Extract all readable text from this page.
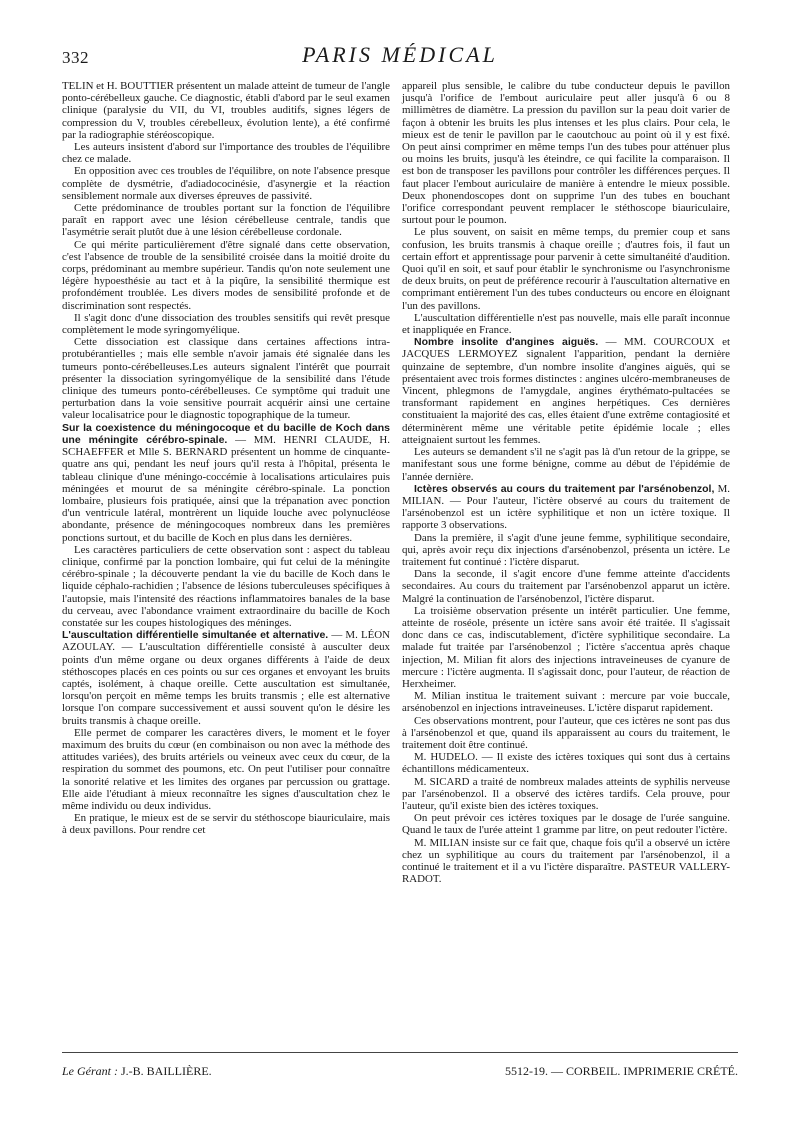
332	PARIS MÉDICAL

TELIN et H. BOUTTIER présentent un malade atteint de tumeur de l'angle ponto-cérébelleux gauche. Ce diagnostic, établi d'abord par le seul examen clinique (paralysie du VII, du VI, troubles auditifs, signes légers de compression du V, troubles cérebelleux, évolution lente), a été confirmé par la radiographie stéréoscopique.

Les auteurs insistent d'abord sur l'importance des troubles de l'équilibre chez ce malade.

En opposition avec ces troubles de l'équilibre, on note l'absence presque complète de dysmétrie, d'adiadococinésie, d'asynergie et la réaction sensiblement normale aux diverses épreuves de passivité.

Cette prédominance de troubles portant sur la fonction de l'équilibre paraît en rapport avec une lésion cérébelleuse centrale, tandis que l'asymétrie serait plutôt due à une lésion cérébelleuse cordonale.

Ce qui mérite particulièrement d'être signalé dans cette observation, c'est l'absence de trouble de la sensibilité croisée dans la moitié droite du corps, prédominant au membre supérieur. Tandis qu'on note seulement une légère hypoesthésie au tact et à la piqûre, la sensibilité thermique est profondément troublée. Les divers modes de sensibilité profonde et de discrimination sont respectés.

Il s'agit donc d'une dissociation des troubles sensitifs qui revêt presque complètement le mode syringomyélique.

Cette dissociation est classique dans certaines affections intra-protubérantielles ; mais elle semble n'avoir jamais été signalée dans les tumeurs ponto-cérébelleuses.Les auteurs signalent l'intérêt que pourrait présenter la dissociation syringomyélique de la sensibilité dans l'étude clinique des tumeurs ponto-cérébelleuses. Ce symptôme qui traduit une perturbation dans la voie sensitive pourrait acquérir ainsi une certaine valeur localisatrice pour le diagnostic topographique de la tumeur.

Sur la coexistence du méningocoque et du bacille de Koch dans une méningite cérébro-spinale. — MM. HENRI CLAUDE, H. SCHAEFFER et Mlle S. BERNARD présentent un homme de cinquante-quatre ans qui, pendant les neuf jours qu'il resta à l'hôpital, présenta le tableau clinique d'une méningo-coccémie à localisations articulaires puis méningées et mourut de sa méningite cérébro-spinale. La ponction lombaire, plusieurs fois pratiquée, ainsi que la trépanation avec ponction d'un ventricule latéral, montrèrent un liquide louche avec polynucléose abondante, présence de méningocoques nombreux dans les premières ponctions surtout, et du bacille de Koch en plus dans les dernières.

Les caractères particuliers de cette observation sont : aspect du tableau clinique, confirmé par la ponction lombaire, qui fut celui de la méningite cérébro-spinale ; la découverte pendant la vie du bacille de Koch dans le liquide céphalo-rachidien ; l'absence de lésions tuberculeuses spécifiques à l'autopsie, mais l'intensité des réactions inflammatoires banales de la base du cerveau, avec l'abondance vraiment extraordinaire du bacille de Koch constatée sur les coupes histologiques des méninges.

L'auscultation différentielle simultanée et alternative. — M. LÉON AZOULAY. — L'auscultation différentielle consisté à ausculter deux points d'un même organe ou deux organes différents à l'aide de deux stéthoscopes placés en ces points ou sur ces organes et envoyant les bruits captés, isolément, à chaque oreille. Cette auscultation est simultanée, lorsqu'on perçoit en même temps les bruits transmis ; elle est alternative lorsque l'on compare successivement et aussi souvent qu'on le désire les bruits transmis à chaque oreille.

Elle permet de comparer les caractères divers, le moment et le foyer maximum des bruits du cœur (en combinaison ou non avec la méthode des attitudes variées), des bruits artériels ou veineux avec ceux du cœur, de la respiration du sommet des poumons, etc. On peut l'utiliser pour connaître la sonorité relative et les limites des organes par percussion ou grattage. Elle aide l'étudiant à mieux reconnaître les signes d'auscultation chez le même individu ou deux individus.

En pratique, le mieux est de se servir du stéthoscope biauriculaire, mais à deux pavillons. Pour rendre cet

appareil plus sensible, le calibre du tube conducteur depuis le pavillon jusqu'à l'orifice de l'embout auriculaire peut aller jusqu'à 6 ou 8 millimètres de diamètre. La pression du pavillon sur la peau doit varier de façon à obtenir les bruits les plus intenses et les plus clairs. Pour cela, le mieux est de tenir le pavillon par le caoutchouc au point où il y est fixé. On peut ainsi comprimer en même temps l'un des tubes pour atténuer plus ou moins les bruits, jusqu'à les éteindre, ce qui facilite la comparaison. Il est bon de transposer les pavillons pour contrôler les différences perçues. Il faut placer l'embout auriculaire de manière à entendre le mieux possible. Deux phonendoscopes dont on supprime l'un des tubes en bouchant l'orifice correspondant peuvent remplacer le stéthoscope biauriculaire, surtout pour le poumon.

Le plus souvent, on saisit en même temps, du premier coup et sans confusion, les bruits transmis à chaque oreille ; d'autres fois, il faut un certain effort et apprentissage pour parvenir à cette simultanéité d'audition. Quoi qu'il en soit, et sauf pour établir le synchronisme ou l'asynchronisme de deux bruits, on peut de préférence recourir à l'auscultation alternative en comprimant entièrement l'un des tubes conducteurs ou encore en éloignant l'un des pavillons.

L'auscultation différentielle n'est pas nouvelle, mais elle paraît inconnue et inappliquée en France.

Nombre insolite d'angines aiguës. — MM. COURCOUX et JACQUES LERMOYEZ signalent l'apparition, pendant la dernière quinzaine de septembre, d'un nombre insolite d'angines aiguës, qui se présentaient avec trois formes distinctes : angines ulcéro-membraneuses de Vincent, phlegmons de l'amygdale, angines érythémato-pultacées se transformant rapidement en angines herpétiques. Ces dernières constituaient la majorité des cas, elles étaient d'une extrême contagiosité et déterminèrent même une véritable petite épidémie locale ; elles atteignaient surtout les femmes.

Les auteurs se demandent s'il ne s'agit pas là d'un retour de la grippe, se manifestant sous une forme bénigne, comme au début de l'épidémie de l'année dernière.

Ictères observés au cours du traitement par l'arsénobenzol, M. MILIAN. — Pour l'auteur, l'ictère observé au cours du traitement de l'arsénobenzol est un ictère syphilitique et non un ictère toxique. Il rapporte 3 observations.

Dans la première, il s'agit d'une jeune femme, syphilitique secondaire, qui, après avoir reçu dix injections d'arsénobenzol, présenta un ictère. Le traitement fut continué : l'ictère disparut.

Dans la seconde, il s'agit encore d'une femme atteinte d'accidents secondaires. Au cours du traitement par l'arsénobenzol apparut un ictère. Malgré la continuation de l'arsénobenzol, l'ictère disparut.

La troisième observation présente un intérêt particulier. Une femme, atteinte de roséole, présente un ictère sans avoir été traitée. Il s'agissait donc dans ce cas, indiscutablement, d'ictère syphilitique secondaire. La malade fut traitée par l'arsénobenzol ; l'ictère s'accentua après chaque injection, M. Milian fit alors des injections intraveineuses de cyanure de mercure : l'ictère augmenta. Il s'agissait donc, pour l'auteur, de réaction de Herxheimer.

M. Milian institua le traitement suivant : mercure par voie buccale, arsénobenzol en injections intraveineuses. L'ictère disparut rapidement.

Ces observations montrent, pour l'auteur, que ces ictères ne sont pas dus à l'arsénobenzol et que, quand ils apparaissent au cours du traitement, le traitement doit être continué.

M. HUDELO. — Il existe des ictères toxiques qui sont dus à certains échantillons médicamenteux.

M. SICARD a traité de nombreux malades atteints de syphilis nerveuse par l'arsénobenzol. Il a observé des ictères tardifs. Cela prouve, pour l'auteur, qu'il existe bien des ictères toxiques.

On peut prévoir ces ictères toxiques par le dosage de l'urée sanguine. Quand le taux de l'urée atteint 1 gramme par litre, on peut redouter l'ictère.

M. MILIAN insiste sur ce fait que, chaque fois qu'il a observé un ictère chez un syphilitique au cours du traitement par l'arsénobenzol, il a continué le traitement et il a vu l'ictère disparaître. PASTEUR VALLERY-RADOT.

Le Gérant : J.-B. BAILLIÈRE.	5512-19. — CORBEIL. IMPRIMERIE CRÉTÉ.
